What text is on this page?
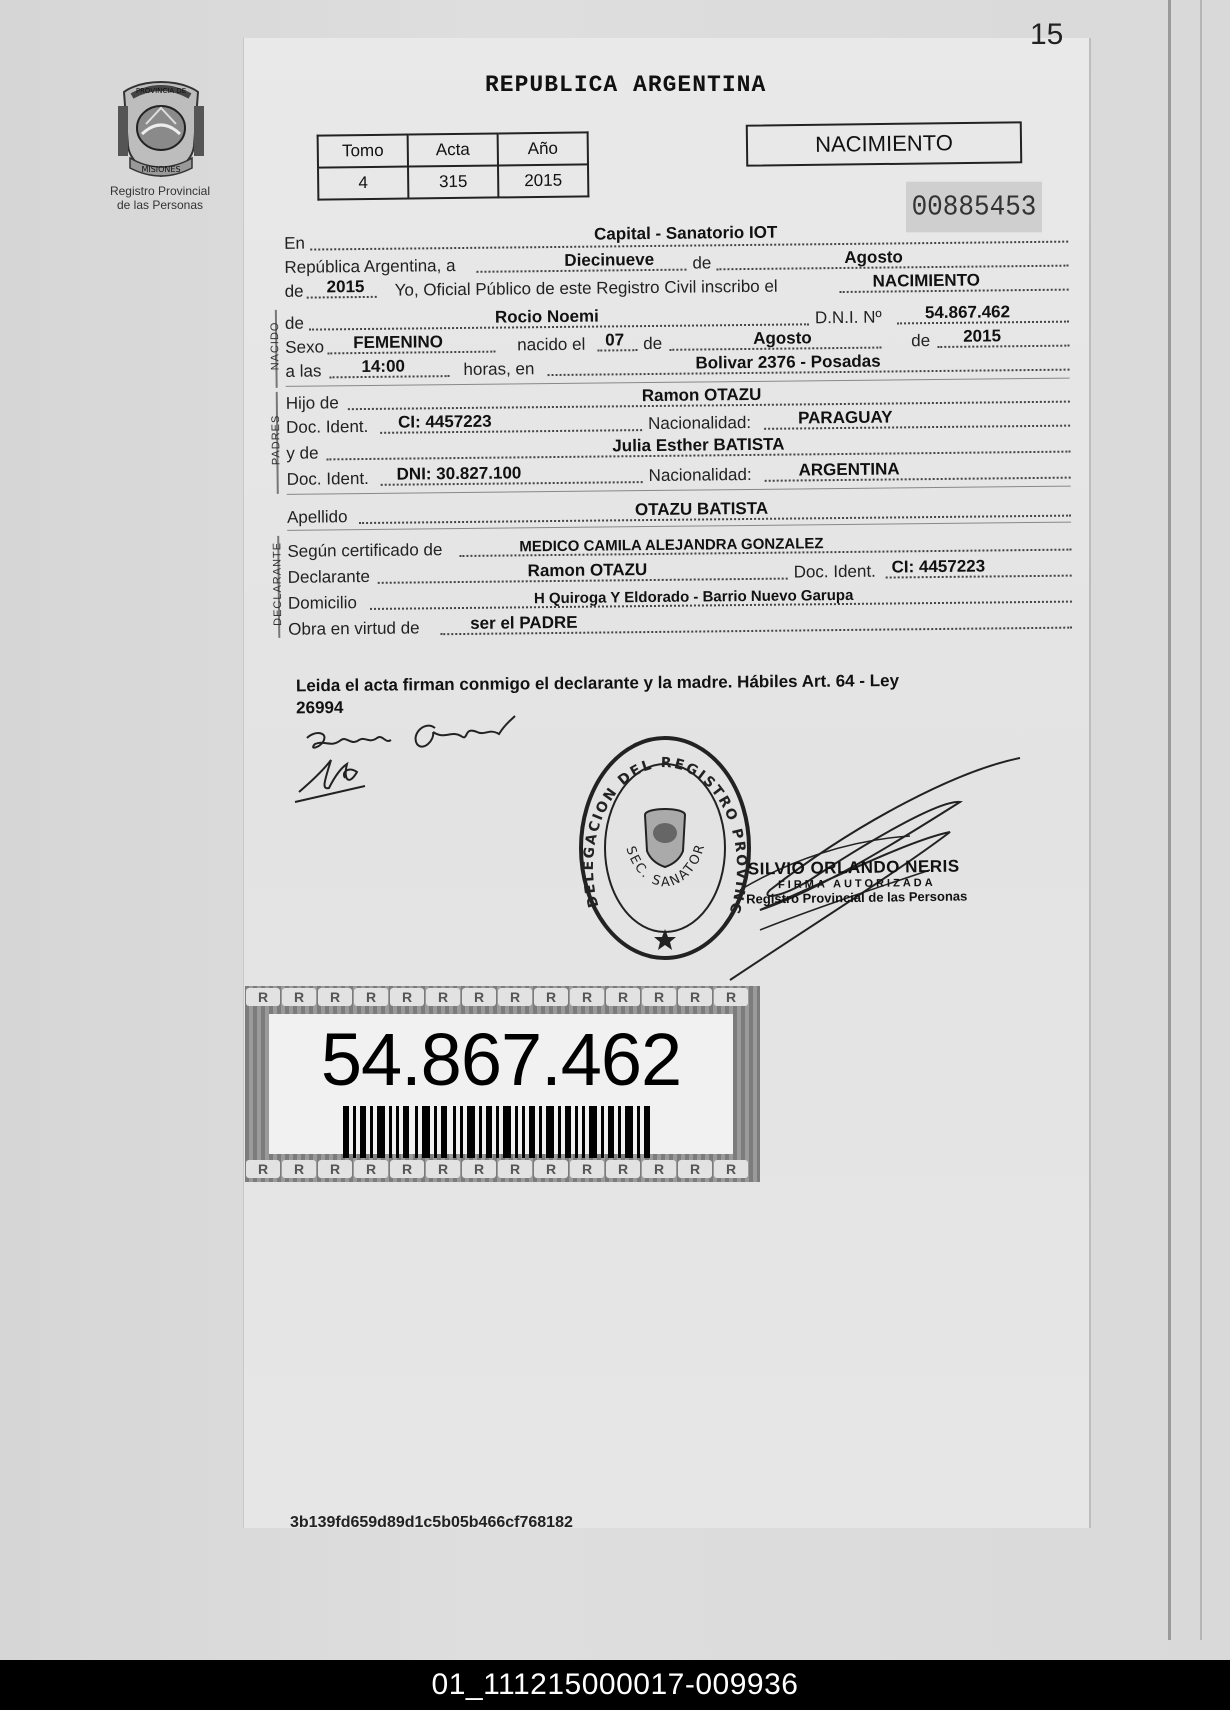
15
PROVINCIA DE
MISIONES
Registro Provincial
de las Personas
REPUBLICA ARGENTINA
Tomo	Acta	Año
4	315	2015
NACIMIENTO
00885453
En	Capital - Sanatorio IOT
República Argentina, a	Diecinueve de	Agosto
de 2015 Yo, Oficial Público de este Registro Civil inscribo el	NACIMIENTO
NACIDO de	Rocio Noemi	D.N.I. Nº	54.867.462
Sexo FEMENINO	nacido el 07 de	Agosto	de 2015
a las 14:00	horas, en	Bolivar 2376 - Posadas
PADRES
Hijo de	Ramon OTAZU
Doc. Ident. CI: 4457223	Nacionalidad:	PARAGUAY
y de	Julia Esther BATISTA
Doc. Ident. DNI: 30.827.100	Nacionalidad:	ARGENTINA
Apellido	OTAZU BATISTA
DECLARANTE Según certificado de	MEDICO CAMILA ALEJANDRA GONZALEZ
Declarante	Ramon OTAZU	Doc. Ident. CI: 4457223
Domicilio	H Quiroga Y Eldorado - Barrio Nuevo Garupa
Obra en virtud de	ser el PADRE
Leida el acta firman conmigo el declarante y la madre. Hábiles Art. 64 - Ley
26994
DELEGACION DEL REGISTRO PROVINC
SEC. SANATOR
SILVIO ORLANDO NERIS
FIRMA AUTORIZADA
Registro Provincial de las Personas
R R R R R R R R R R R R R R
R R R R R R R R R R R R R R
54.867.462
3b139fd659d89d1c5b05b466cf768182
01_111215000017-009936
